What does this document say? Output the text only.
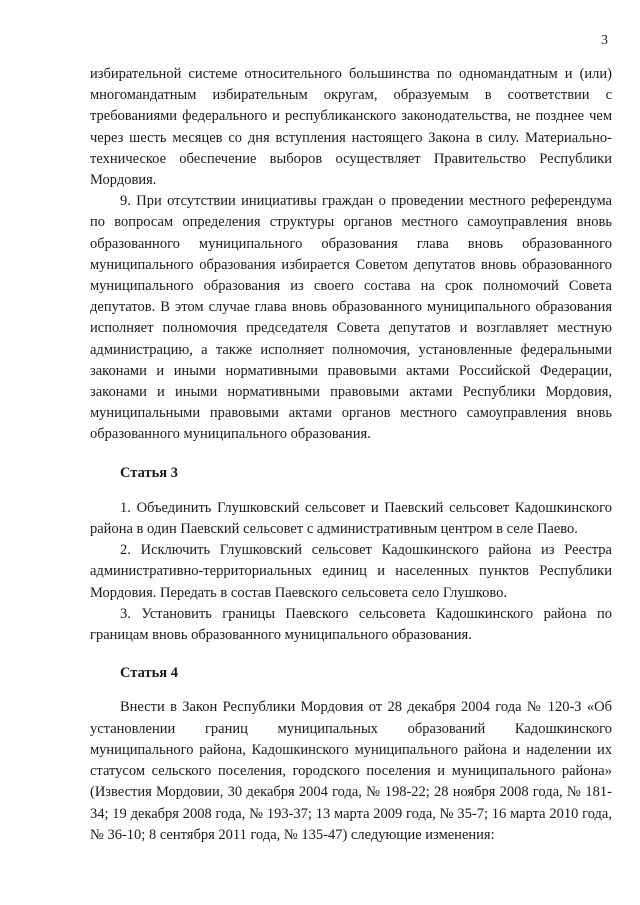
3

избирательной системе относительного большинства по одномандатным и (или) многомандатным избирательным округам, образуемым в соответствии с требованиями федерального и республиканского законодательства, не позднее чем через шесть месяцев со дня вступления настоящего Закона в силу. Материально-техническое обеспечение выборов осуществляет Правительство Республики Мордовия.

9. При отсутствии инициативы граждан о проведении местного референдума по вопросам определения структуры органов местного самоуправления вновь образованного муниципального образования глава вновь образованного муниципального образования избирается Советом депутатов вновь образованного муниципального образования из своего состава на срок полномочий Совета депутатов. В этом случае глава вновь образованного муниципального образования исполняет полномочия председателя Совета депутатов и возглавляет местную администрацию, а также исполняет полномочия, установленные федеральными законами и иными нормативными правовыми актами Российской Федерации, законами и иными нормативными правовыми актами Республики Мордовия, муниципальными правовыми актами органов местного самоуправления вновь образованного муниципального образования.

Статья 3

1. Объединить Глушковский сельсовет и Паевский сельсовет Кадошкинского района в один Паевский сельсовет с административным центром в селе Паево.

2. Исключить Глушковский сельсовет Кадошкинского района из Реестра административно-территориальных единиц и населенных пунктов Республики Мордовия. Передать в состав Паевского сельсовета село Глушково.

3. Установить границы Паевского сельсовета Кадошкинского района по границам вновь образованного муниципального образования.

Статья 4

Внести в Закон Республики Мордовия от 28 декабря 2004 года № 120-З «Об установлении границ муниципальных образований Кадошкинского муниципального района, Кадошкинского муниципального района и наделении их статусом сельского поселения, городского поселения и муниципального района» (Известия Мордовии, 30 декабря 2004 года, № 198-22; 28 ноября 2008 года, № 181-34; 19 декабря 2008 года, № 193-37; 13 марта 2009 года, № 35-7; 16 марта 2010 года, № 36-10; 8 сентября 2011 года, № 135-47) следующие изменения:
